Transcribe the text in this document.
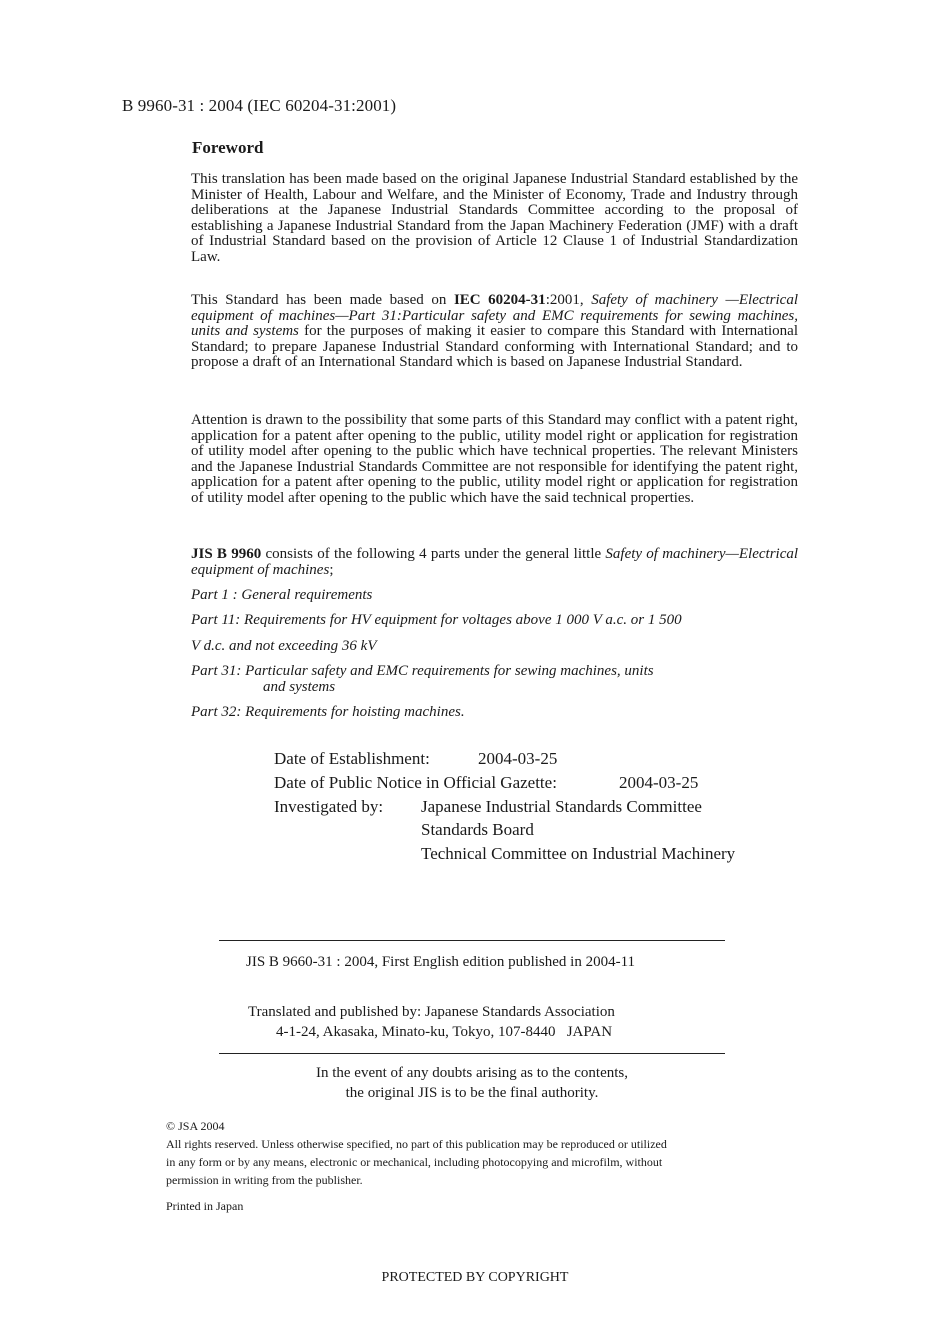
B 9960-31 : 2004 (IEC 60204-31:2001)
Foreword
This translation has been made based on the original Japanese Industrial Standard established by the Minister of Health, Labour and Welfare, and the Minister of Economy, Trade and Industry through deliberations at the Japanese Industrial Standards Committee according to the proposal of establishing a Japanese Industrial Standard from the Japan Machinery Federation (JMF) with a draft of Industrial Standard based on the provision of Article 12 Clause 1 of Industrial Standardization Law.
This Standard has been made based on IEC 60204-31:2001, Safety of machinery —Electrical equipment of machines—Part 31:Particular safety and EMC requirements for sewing machines, units and systems for the purposes of making it easier to compare this Standard with International Standard; to prepare Japanese Industrial Standard conforming with International Standard; and to propose a draft of an International Standard which is based on Japanese Industrial Standard.
Attention is drawn to the possibility that some parts of this Standard may conflict with a patent right, application for a patent after opening to the public, utility model right or application for registration of utility model after opening to the public which have technical properties. The relevant Ministers and the Japanese Industrial Standards Committee are not responsible for identifying the patent right, application for a patent after opening to the public, utility model right or application for registration of utility model after opening to the public which have the said technical properties.
JIS B 9960 consists of the following 4 parts under the general little Safety of machinery—Electrical equipment of machines;
Part 1 : General requirements
Part 11: Requirements for HV equipment for voltages above 1 000 V a.c. or 1 500
V d.c. and not exceeding 36 kV
Part 31: Particular safety and EMC requirements for sewing machines, units
and systems
Part 32: Requirements for hoisting machines.
Date of Establishment:	2004-03-25
Date of Public Notice in Official Gazette:	2004-03-25
Investigated by: Japanese Industrial Standards Committee
Standards Board
Technical Committee on Industrial Machinery
JIS B 9660-31 : 2004, First English edition published in 2004-11
Translated and published by: Japanese Standards Association
4-1-24, Akasaka, Minato-ku, Tokyo, 107-8440   JAPAN
In the event of any doubts arising as to the contents,
the original JIS is to be the final authority.
© JSA 2004
All rights reserved. Unless otherwise specified, no part of this publication may be reproduced or utilized
in any form or by any means, electronic or mechanical, including photocopying and microfilm, without
permission in writing from the publisher.
Printed in Japan
PROTECTED BY COPYRIGHT
